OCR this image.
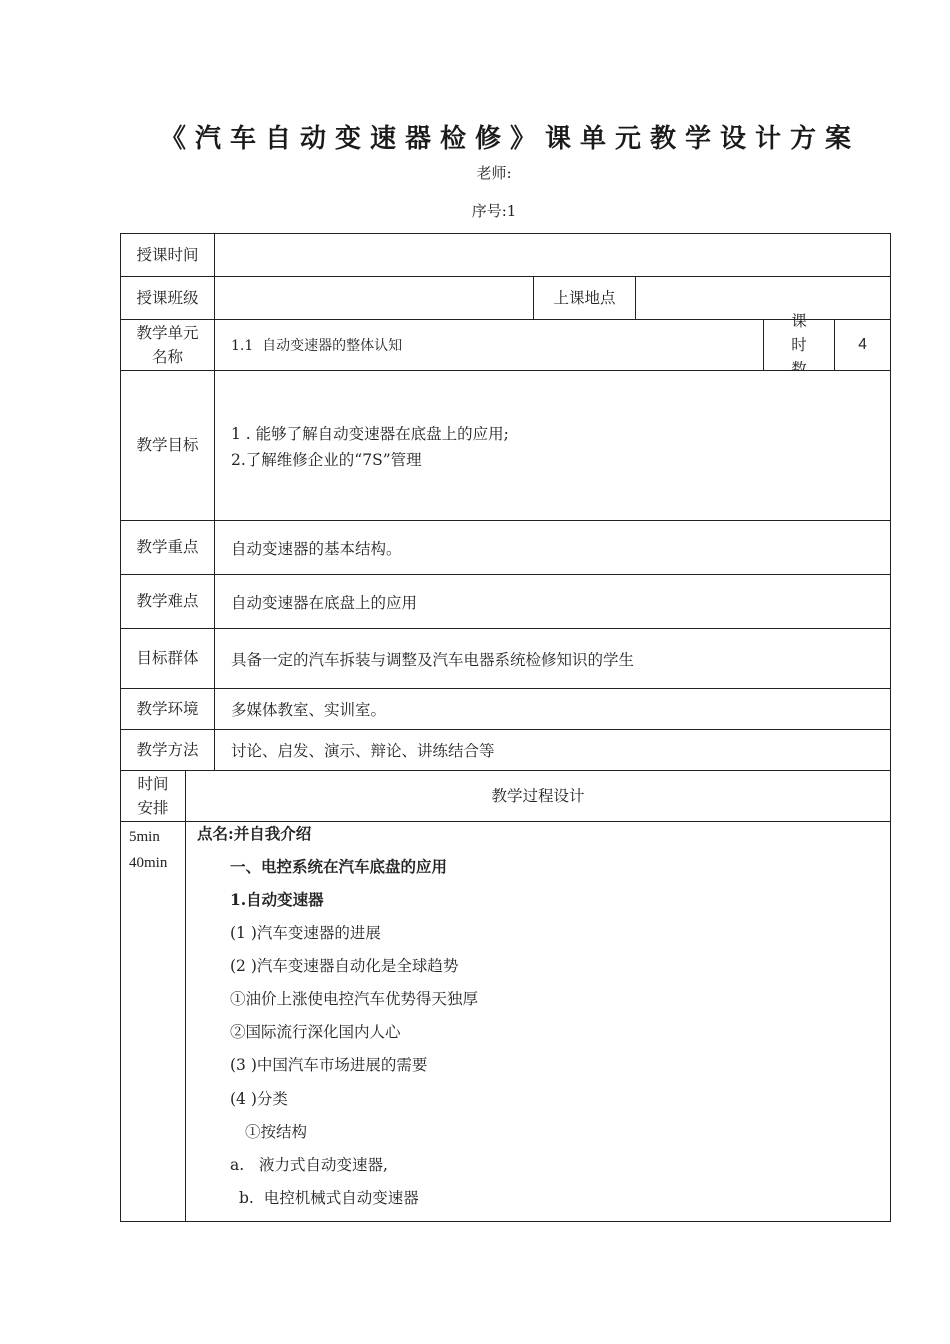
《汽车自动变速器检修》课单元教学设计方案
老师:
序号:1
授课时间
授课班级	上课地点
教学单元名称
1.1  自动变速器的整体认知
课时	4
教学目标
1 . 能够了解自动变速器在底盘上的应用;
2.了解维修企业的“7S”管理
教学重点 自动变速器的基本结构。
教学难点 自动变速器在底盘上的应用
目标群体 具备一定的汽车拆装与调整及汽车电器系统检修知识的学生
教学环境 多媒体教室、实训室。
教学方法 讨论、启发、演示、辩论、讲练结合等
时间安排
教学过程设计
5min
40min
点名:并自我介绍
一、电控系统在汽车底盘的应用
1.自动变速器
(1 )汽车变速器的进展
(2 )汽车变速器自动化是全球趋势
①油价上涨使电控汽车优势得天独厚
②国际流行深化国内人心
(3 )中国汽车市场进展的需要
(4 )分类
①按结构
a.   液力式自动变速器,
b.  电控机械式自动变速器
